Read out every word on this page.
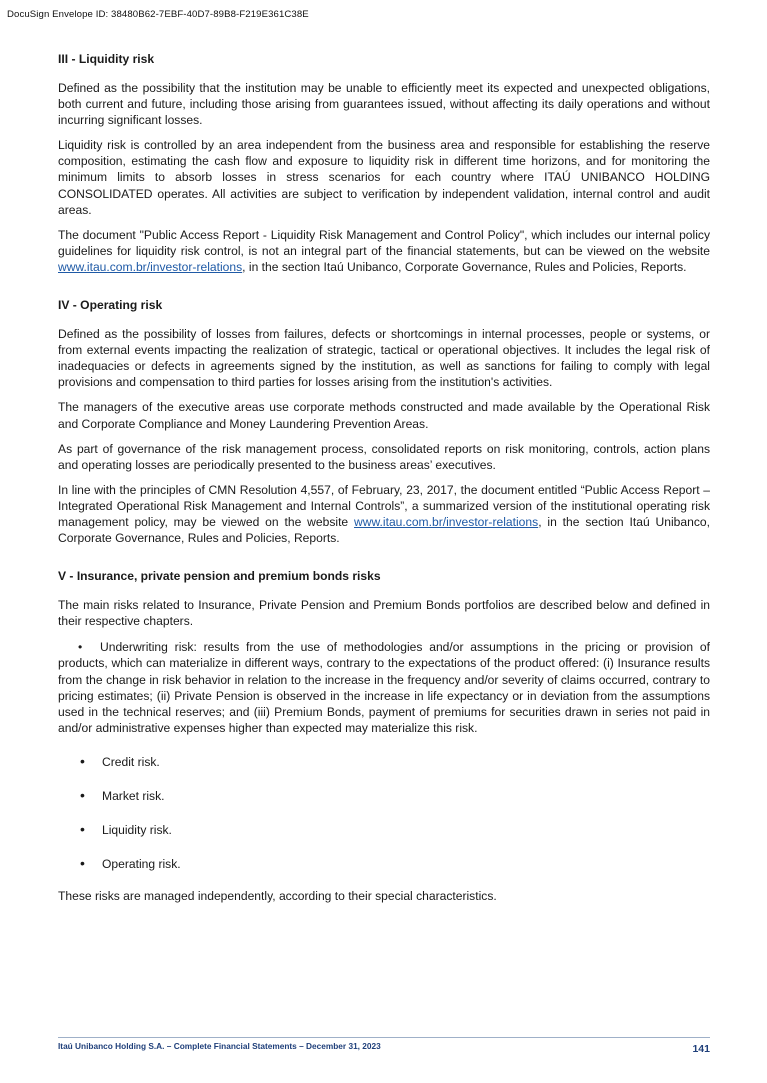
DocuSign Envelope ID: 38480B62-7EBF-40D7-89B8-F219E361C38E
III - Liquidity risk

Defined as the possibility that the institution may be unable to efficiently meet its expected and unexpected obligations, both current and future, including those arising from guarantees issued, without affecting its daily operations and without incurring significant losses.

Liquidity risk is controlled by an area independent from the business area and responsible for establishing the reserve composition, estimating the cash flow and exposure to liquidity risk in different time horizons, and for monitoring the minimum limits to absorb losses in stress scenarios for each country where ITAÚ UNIBANCO HOLDING CONSOLIDATED operates. All activities are subject to verification by independent validation, internal control and audit areas.

The document "Public Access Report - Liquidity Risk Management and Control Policy", which includes our internal policy guidelines for liquidity risk control, is not an integral part of the financial statements, but can be viewed on the website www.itau.com.br/investor-relations, in the section Itaú Unibanco, Corporate Governance, Rules and Policies, Reports.

IV - Operating risk

Defined as the possibility of losses from failures, defects or shortcomings in internal processes, people or systems, or from external events impacting the realization of strategic, tactical or operational objectives. It includes the legal risk of inadequacies or defects in agreements signed by the institution, as well as sanctions for failing to comply with legal provisions and compensation to third parties for losses arising from the institution's activities.

The managers of the executive areas use corporate methods constructed and made available by the Operational Risk and Corporate Compliance and Money Laundering Prevention Areas.

As part of governance of the risk management process, consolidated reports on risk monitoring, controls, action plans and operating losses are periodically presented to the business areas’ executives.

In line with the principles of CMN Resolution 4,557, of February, 23, 2017, the document entitled “Public Access Report – Integrated Operational Risk Management and Internal Controls”, a summarized version of the institutional operating risk management policy, may be viewed on the website www.itau.com.br/investor-relations, in the section Itaú Unibanco, Corporate Governance, Rules and Policies, Reports.

V - Insurance, private pension and premium bonds risks

The main risks related to Insurance, Private Pension and Premium Bonds portfolios are described below and defined in their respective chapters.

• Underwriting risk: results from the use of methodologies and/or assumptions in the pricing or provision of products, which can materialize in different ways, contrary to the expectations of the product offered: (i) Insurance results from the change in risk behavior in relation to the increase in the frequency and/or severity of claims occurred, contrary to pricing estimates; (ii) Private Pension is observed in the increase in life expectancy or in deviation from the assumptions used in the technical reserves; and (iii) Premium Bonds, payment of premiums for securities drawn in series not paid in and/or administrative expenses higher than expected may materialize this risk.

• Credit risk.
• Market risk.
• Liquidity risk.
• Operating risk.

These risks are managed independently, according to their special characteristics.

Itaú Unibanco Holding S.A. – Complete Financial Statements – December 31, 2023	141
